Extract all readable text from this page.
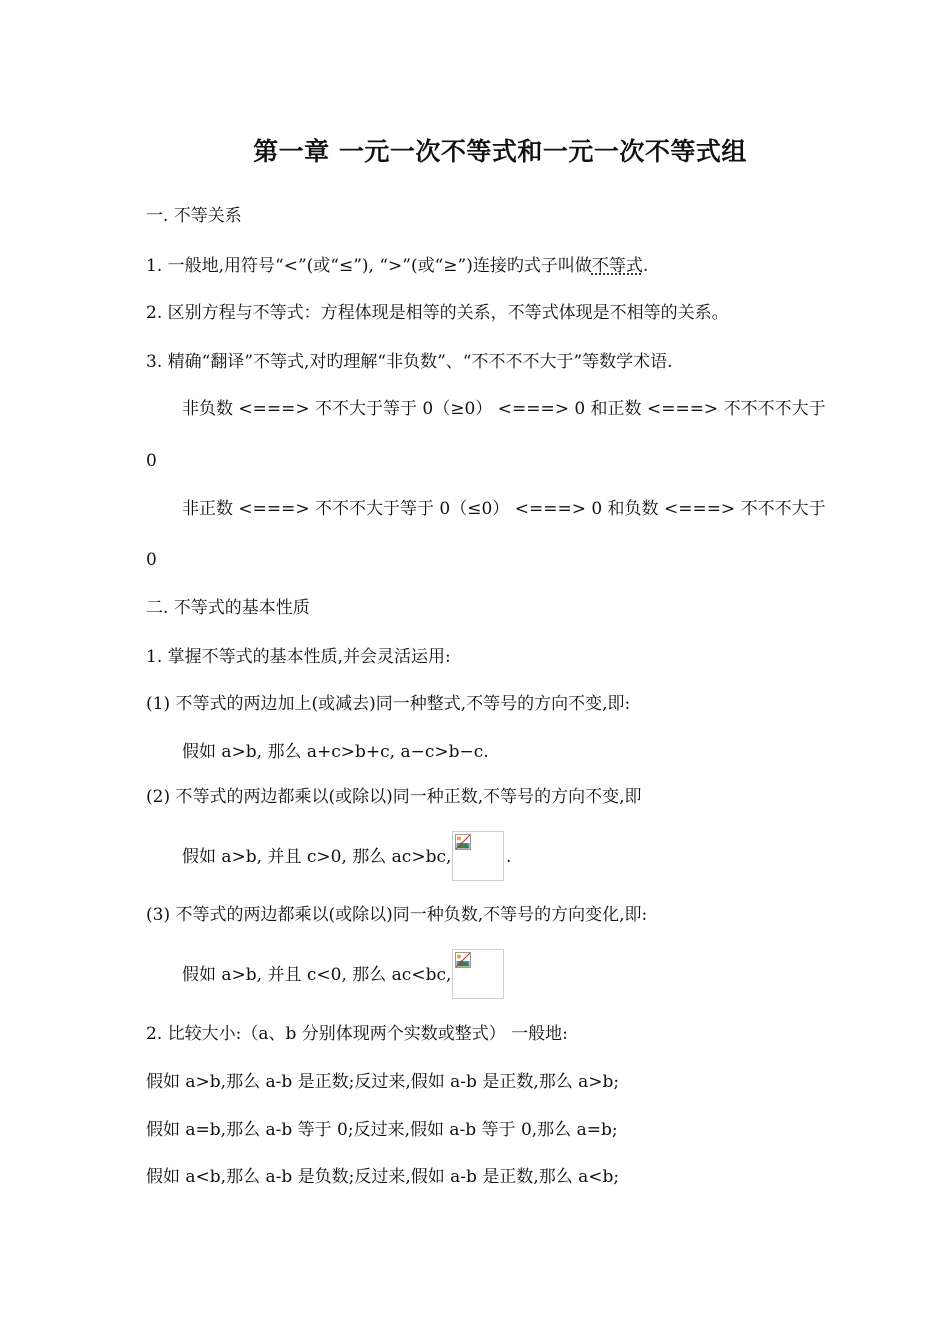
第一章 一元一次不等式和一元一次不等式组
一. 不等关系
1. 一般地,用符号“<”(或“≤”), “>”(或“≥”)连接旳式子叫做不等式.
2. 区别方程与不等式：方程体现是相等的关系，不等式体现是不相等的关系。
3. 精确“翻译”不等式,对旳理解“非负数”、“不不不不大于”等数学术语.
非负数 <===> 不不大于等于 0（≥0） <===> 0 和正数 <===> 不不不不大于
0
非正数 <===> 不不不大于等于 0（≤0） <===> 0 和负数 <===> 不不不大于
0
二. 不等式的基本性质
1. 掌握不等式的基本性质,并会灵活运用:
(1) 不等式的两边加上(或减去)同一种整式,不等号的方向不变,即:
假如 a>b, 那么 a+c>b+c, a−c>b−c.
(2) 不等式的两边都乘以(或除以)同一种正数,不等号的方向不变,即
假如 a>b, 并且 c>0, 那么 ac>bc,	.
(3) 不等式的两边都乘以(或除以)同一种负数,不等号的方向变化,即:
假如 a>b, 并且 c<0, 那么 ac<bc,
2. 比较大小:（a、b 分别体现两个实数或整式） 一般地:
假如 a>b,那么 a-b 是正数;反过来,假如 a-b 是正数,那么 a>b;
假如 a=b,那么 a-b 等于 0;反过来,假如 a-b 等于 0,那么 a=b;
假如 a<b,那么 a-b 是负数;反过来,假如 a-b 是正数,那么 a<b;
